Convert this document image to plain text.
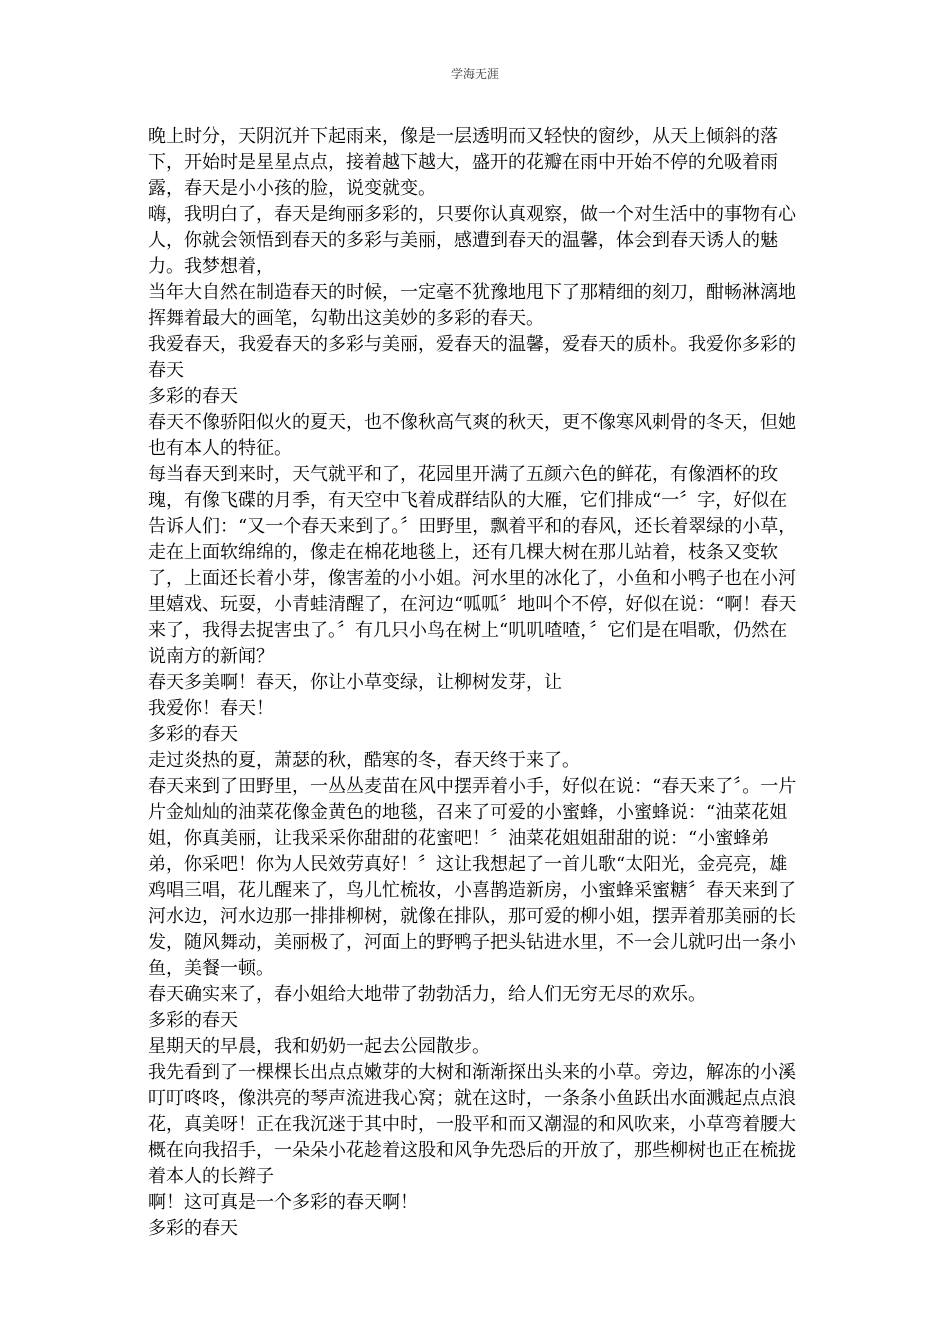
学海无涯

晚上时分，天阴沉并下起雨来，像是一层透明而又轻快的窗纱，从天上倾斜的落下，开始时是星星点点，接着越下越大，盛开的花瓣在雨中开始不停的允吸着雨露，春天是小小孩的脸，说变就变。

嗨，我明白了，春天是绚丽多彩的，只要你认真观察，做一个对生活中的事物有心人，你就会领悟到春天的多彩与美丽，感遭到春天的温馨，体会到春天诱人的魅力。我梦想着，

当年大自然在制造春天的时候，一定毫不犹豫地甩下了那精细的刻刀，酣畅淋漓地挥舞着最大的画笔，勾勒出这美妙的多彩的春天。

我爱春天，我爱春天的多彩与美丽，爱春天的温馨，爱春天的质朴。我爱你多彩的春天

多彩的春天

春天不像骄阳似火的夏天，也不像秋高气爽的秋天，更不像寒风刺骨的冬天，但她也有本人的特征。

每当春天到来时，天气就平和了，花园里开满了五颜六色的鲜花，有像酒杯的玫瑰，有像飞碟的月季，有天空中飞着成群结队的大雁，它们排成“一〞字，好似在告诉人们：“又一个春天来到了。〞田野里，飘着平和的春风，还长着翠绿的小草，走在上面软绵绵的，像走在棉花地毯上，还有几棵大树在那儿站着，枝条又变软了，上面还长着小芽，像害羞的小小姐。河水里的冰化了，小鱼和小鸭子也在小河里嬉戏、玩耍，小青蛙清醒了，在河边“呱呱〞地叫个不停，好似在说：“啊！春天来了，我得去捉害虫了。〞有几只小鸟在树上“叽叽喳喳，〞它们是在唱歌，仍然在说南方的新闻？

春天多美啊！春天，你让小草变绿，让柳树发芽，让

我爱你！春天！

多彩的春天

走过炎热的夏，萧瑟的秋，酷寒的冬，春天终于来了。

春天来到了田野里，一丛丛麦苗在风中摆弄着小手，好似在说：“春天来了〞。一片片金灿灿的油菜花像金黄色的地毯，召来了可爱的小蜜蜂，小蜜蜂说：“油菜花姐姐，你真美丽，让我采采你甜甜的花蜜吧！〞油菜花姐姐甜甜的说：“小蜜蜂弟弟，你采吧！你为人民效劳真好！〞这让我想起了一首儿歌“太阳光，金亮亮，雄鸡唱三唱，花儿醒来了，鸟儿忙梳妆，小喜鹊造新房，小蜜蜂采蜜糖〞春天来到了河水边，河水边那一排排柳树，就像在排队，那可爱的柳小姐，摆弄着那美丽的长发，随风舞动，美丽极了，河面上的野鸭子把头钻进水里，不一会儿就叼出一条小鱼，美餐一顿。

春天确实来了，春小姐给大地带了勃勃活力，给人们无穷无尽的欢乐。

多彩的春天

星期天的早晨，我和奶奶一起去公园散步。

我先看到了一棵棵长出点点嫩芽的大树和渐渐探出头来的小草。旁边，解冻的小溪叮叮咚咚，像洪亮的琴声流进我心窝；就在这时，一条条小鱼跃出水面溅起点点浪花，真美呀！正在我沉迷于其中时，一股平和而又潮湿的和风吹来，小草弯着腰大概在向我招手，一朵朵小花趁着这股和风争先恐后的开放了，那些柳树也正在梳拢着本人的长辫子

啊！这可真是一个多彩的春天啊！

多彩的春天
